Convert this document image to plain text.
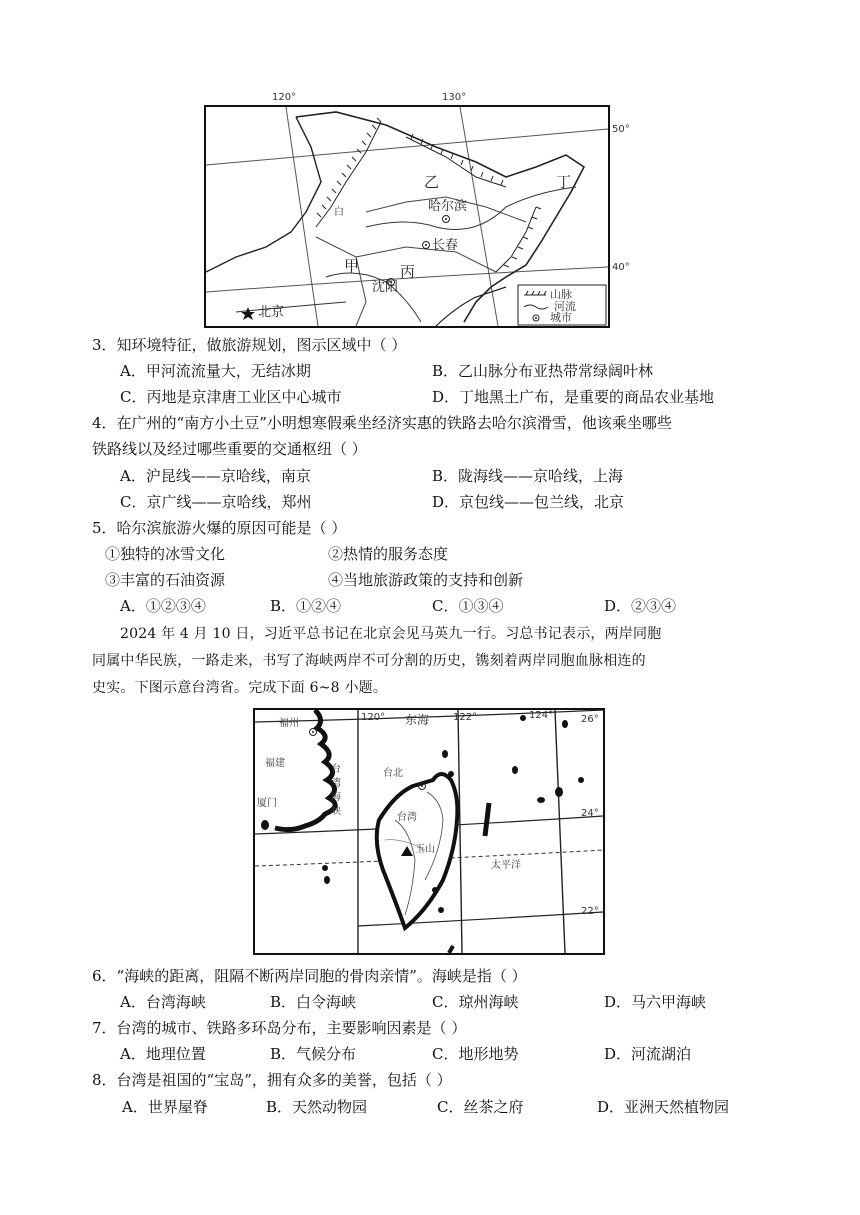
乙	丁
哈尔滨
长春
甲	丙
沈阳
北京
白
山脉
河流
城市
120°	130°
50°
40°
3．知环境特征，做旅游规划，图示区域中（ ）
A．甲河流流量大，无结冰期	B．乙山脉分布亚热带常绿阔叶林
C．丙地是京津唐工业区中心城市	D．丁地黑土广布，是重要的商品农业基地
4．在广州的“南方小土豆”小明想寒假乘坐经济实惠的铁路去哈尔滨滑雪，他该乘坐哪些
铁路线以及经过哪些重要的交通枢纽（ ）
A．沪昆线——京哈线，南京	B．陇海线——京哈线，上海
C．京广线——京哈线，郑州	D．京包线——包兰线，北京
5．哈尔滨旅游火爆的原因可能是（ ）
①独特的冰雪文化	②热情的服务态度
③丰富的石油资源	④当地旅游政策的支持和创新
A．①②③④	B．①②④	C．①③④	D．②③④
2024 年 4 月 10 日，习近平总书记在北京会见马英九一行。习总书记表示，两岸同胞
同属中华民族，一路走来，书写了海峡两岸不可分割的历史，镌刻着两岸同胞血脉相连的
史实。下图示意台湾省。完成下面 6~8 小题。
福州	东海
福建
台北
厦门
台
湾
海
峡
台湾
玉山
太平洋
120°	122°	124°	26°
24°
22°
6．“海峡的距离，阻隔不断两岸同胞的骨肉亲情”。海峡是指（ ）
A．台湾海峡	B．白令海峡	C．琼州海峡	D．马六甲海峡
7．台湾的城市、铁路多环岛分布，主要影响因素是（ ）
A．地理位置	B．气候分布	C．地形地势	D．河流湖泊
8．台湾是祖国的“宝岛”，拥有众多的美誉，包括（ ）
A．世界屋脊	B．天然动物园	C．丝茶之府	D．亚洲天然植物园
